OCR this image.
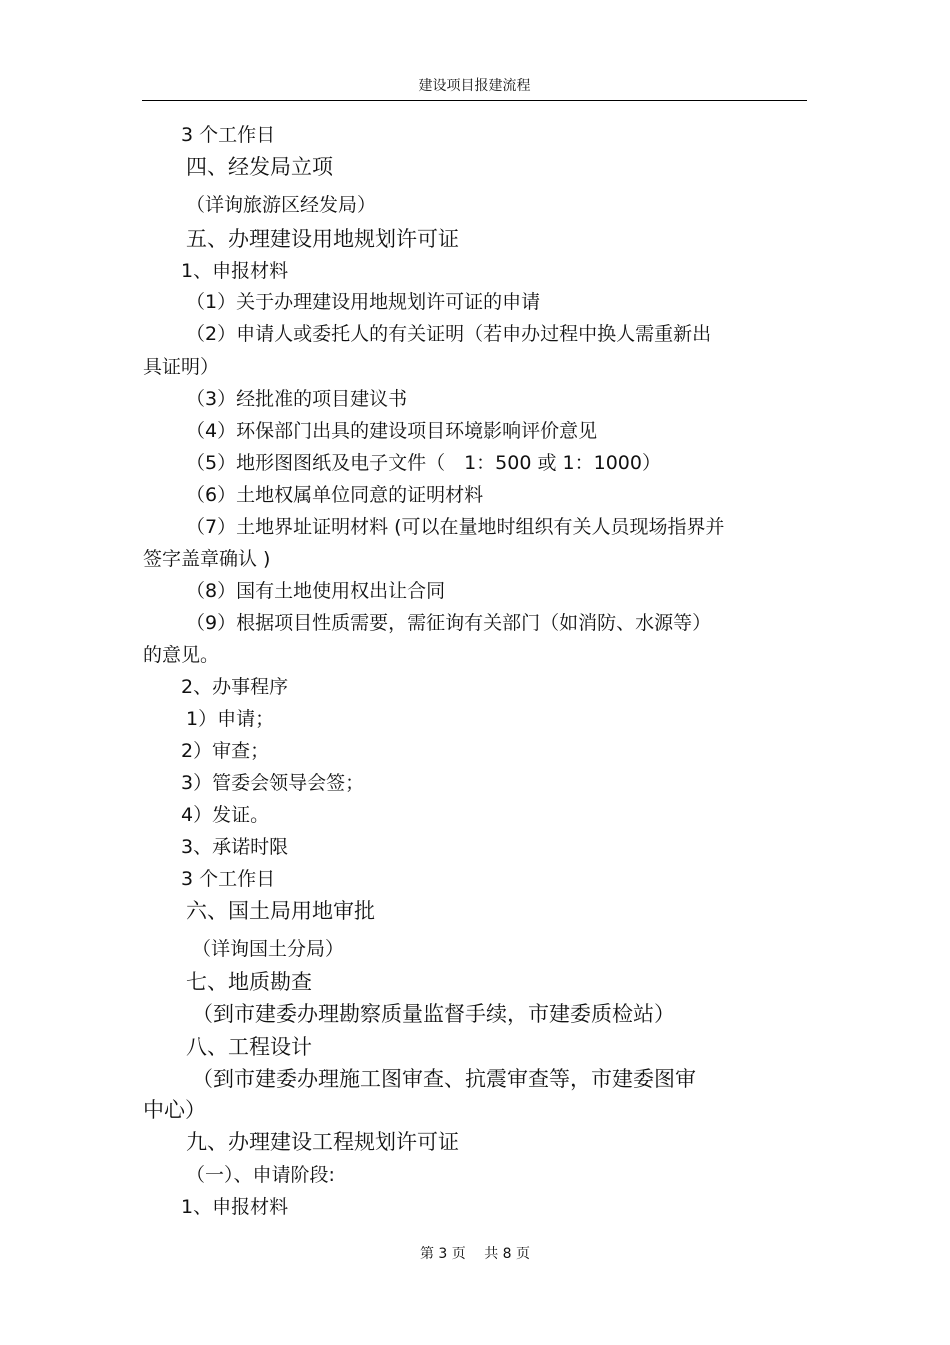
建设项目报建流程
3 个工作日
四、经发局立项
（详询旅游区经发局）
五、办理建设用地规划许可证
1、申报材料
（1）关于办理建设用地规划许可证的申请
（2）申请人或委托人的有关证明（若申办过程中换人需重新出
具证明）
（3）经批准的项目建议书
（4）环保部门出具的建设项目环境影响评价意见
（5）地形图图纸及电子文件（　1：500 或 1：1000）
（6）土地权属单位同意的证明材料
（7）土地界址证明材料 (可以在量地时组织有关人员现场指界并
签字盖章确认 )
（8）国有土地使用权出让合同
（9）根据项目性质需要，需征询有关部门（如消防、水源等）
的意见。
2、办事程序
1）申请；
2）审查；
3）管委会领导会签；
4）发证。
3、承诺时限
3 个工作日
六、国土局用地审批
（详询国土分局）
七、地质勘查
（到市建委办理勘察质量监督手续，市建委质检站）
八、工程设计
（到市建委办理施工图审查、抗震审查等，市建委图审
中心）
九、办理建设工程规划许可证
（一）、申请阶段:
1、申报材料
第 3 页　 共 8 页
